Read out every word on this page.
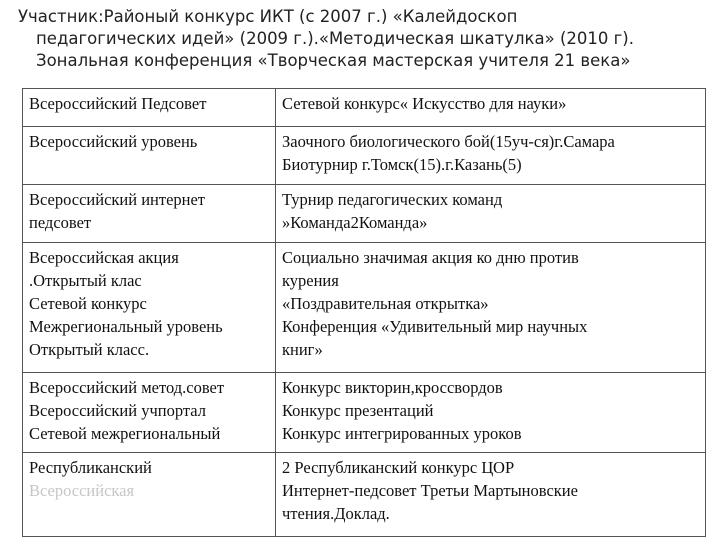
Участник:Районый конкурс ИКТ (с 2007 г.) «Калейдоскоп
педагогических идей» (2009 г.).«Методическая шкатулка» (2010 г).
Зональная конференция «Творческая мастерская учителя 21 века»
Всероссийский Педсовет	Сетевой конкурс« Искусство для науки»

Всероссийский уровень	Заочного биологического бой(15уч-ся)г.Самара
Биотурнир г.Томск(15).г.Казань(5)

Всероссийский интернет
педсовет	Турнир педагогических команд
»Команда2Команда»

Всероссийская акция
.Открытый клас
Сетевой конкурс
Межрегиональный уровень
Открытый класс.	Социально значимая акция ко дню против
курения
«Поздравительная открытка»
Конференция «Удивительный мир научных
книг»

Всероссийский метод.совет
Всероссийский учпортал
Сетевой межрегиональный	Конкурс викторин,кроссвордов
Конкурс презентаций
Конкурс интегрированных уроков

Республиканский
Всероссийская	2 Республиканский конкурс ЦОР
Интернет-педсовет Третьи Мартыновские
чтения.Доклад.
